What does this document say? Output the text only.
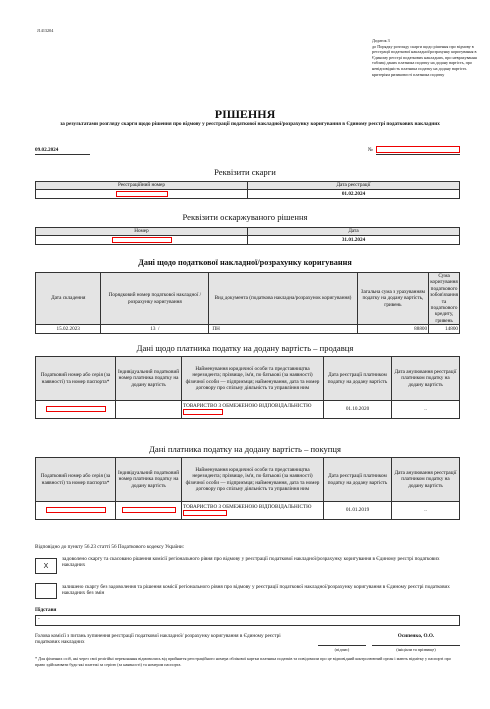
J1413204
Додаток 3
до Порядку розгляду скарги щодо рішення про відмову в реєстрації податкової накладної/розрахунку коригування в Єдиному реєстрі податкових накладних, про неврахування таблиці даних платника податку на додану вартість, про невідповідність платника податку на додану вартість критеріям ризиковості платника податку
РІШЕННЯ
за результатами розгляду скарги щодо рішення про відмову у реєстрації податкової накладної/розрахунку коригування в Єдиному реєстрі податкових накладних
09.02.2024	№
Реквізити скарги
Реєстраційний номер	Дата реєстрації
	01.02.2024
Реквізити оскаржуваного рішення
Номер	Дата
	31.01.2024
Дані щодо податкової накладної/розрахунку коригування
Дата складення	Порядковий номер податкової накладної / розрахунку коригування	Вид документа (податкова накладна/розрахунок коригування)	Загальна сума з урахуванням податку на додану вартість, гривень	Сума коригування податкового зобов'язання та податкового кредиту, гривень
15.02.2023	13 /	ПН	88800	14800
Дані щодо платника податку на додану вартість – продавця
Податковий номер або серія (за наявності) та номер паспорта*	Індивідуальний податковий номер платника податку на додану вартість	Найменування юридичної особи та представництва нерезидента; прізвище, ім'я, по батькові (за наявності) фізичної особи — підприємця; найменування, дата та номер договору про спільну діяльність та управління ним	Дата реєстрації платником податку на додану вартість	Дата анулювання реєстрації платником податку на додану вартість
		ТОВАРИСТВО З ОБМЕЖЕНОЮ ВІДПОВІДАЛЬНІСТЮ	01.10.2020	..
Дані платника податку на додану вартість – покупця
Податковий номер або серія (за наявності) та номер паспорта*	Індивідуальний податковий номер платника податку на додану вартість	Найменування юридичної особи та представництва нерезидента; прізвище, ім'я, по батькові (за наявності) фізичної особи — підприємця; найменування, дата та номер договору про спільну діяльність та управління ним	Дата реєстрації платником податку на додану вартість	Дата анулювання реєстрації платником податку на додану вартість
		ТОВАРИСТВО З ОБМЕЖЕНОЮ ВІДПОВІДАЛЬНІСТЮ	01.01.2019	..
Відповідно до пункту 56.23 статті 56 Податкового кодексу України:
Х
задоволено скаргу та скасовано рішення комісії регіонального рівня про відмову у реєстрації податкової накладної/розрахунку коригування в Єдиному реєстрі податкових накладних
залишено скаргу без задоволення та рішення комісії регіонального рівня про відмову у реєстрації податкової накладної/розрахунку коригування в Єдиному реєстрі податкових накладних без змін
Підстави
-
Голова комісії з питань зупинення реєстрації податкової накладної/ розрахунку коригування в Єдиному реєстрі податкових накладних
(підпис)
Осипенко, О.О.
(ініціали та прізвище)
* Для фізичних осіб, які через свої релігійні переконання відмовились від прийняття реєстраційного номера облікової картки платника податків та повідомили про це відповідний контролюючий орган і мають відмітку у паспорті про право здійснювати будь-які платежі за серією (за наявності) та номером паспорта.
